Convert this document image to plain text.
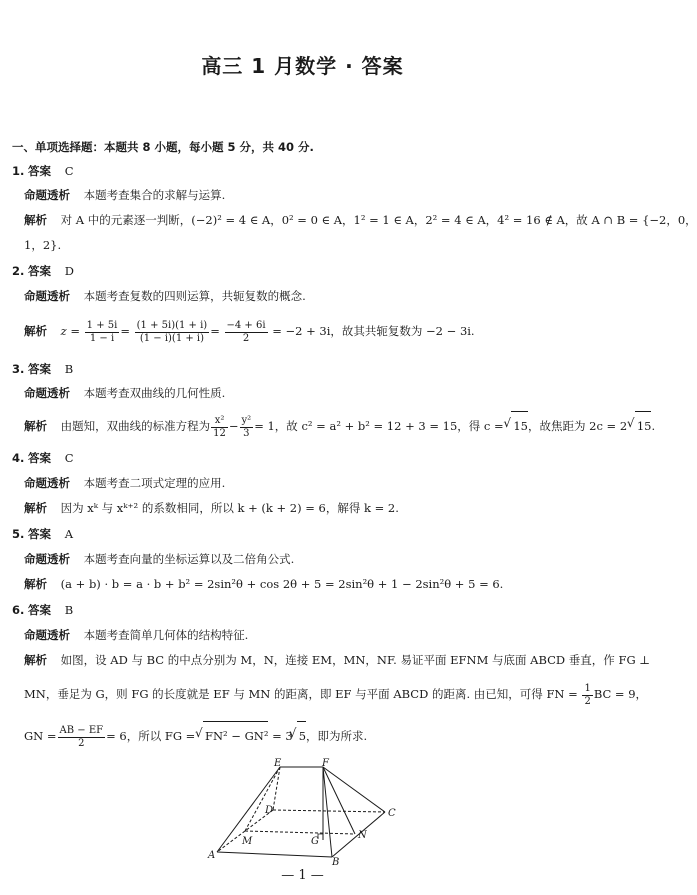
高三 1 月数学 · 答案
一、单项选择题：本题共 8 小题，每小题 5 分，共 40 分.
1. 答案 C
命题透析 本题考查集合的求解与运算.
解析 对 A 中的元素逐一判断，(−2)² = 4 ∈ A，0² = 0 ∈ A，1² = 1 ∈ A，2² = 4 ∈ A，4² = 16 ∉ A，故 A ∩ B = {−2，0，
1，2}.
2. 答案 D
命题透析 本题考查复数的四则运算，共轭复数的概念.
解析 $z = \frac{1 + 5i}{1 - i} = \frac{(1 + 5i)(1 + i)}{(1 - i)(1 + i)} = \frac{-4 + 6i}{2} = -2 + 3i$，故其共轭复数为 −2 − 3i.
3. 答案 B
命题透析 本题考查双曲线的几何性质.
解析 由题知，双曲线的标准方程为 $\frac{\text{x²}}{12} - \frac{\text{y²}}{3} = 1$，故 c² = a² + b² = 12 + 3 = 15，得 c = √ 15，故焦距为 2c = 2 √ 15.
4. 答案 C
命题透析 本题考查二项式定理的应用.
解析 因为 xᵏ 与 xᵏ⁺² 的系数相同，所以 k + (k + 2) = 6，解得 k = 2.
5. 答案 A
命题透析 本题考查向量的坐标运算以及二倍角公式.
解析 (a + b) · b = a · b + b² = 2sin²θ + cos 2θ + 5 = 2sin²θ + 1 − 2sin²θ + 5 = 6.
6. 答案 B
命题透析 本题考查简单几何体的结构特征.
解析 如图，设 AD 与 BC 的中点分别为 M，N，连接 EM，MN，NF. 易证平面 EFNM 与底面 ABCD 垂直，作 FG ⊥
MN，垂足为 G，则 FG 的长度就是 EF 与 MN 的距离，即 EF 与平面 ABCD 的距离. 由已知，可得 FN = $\frac{1}{2}$ BC = 9，
GN = $\frac{AB - EF}{2} = 6$，所以 FG = √ FN² − GN² = 3 √ 5，即为所求.
E	F
D	C
M	G
N
A
B
— 1 —
